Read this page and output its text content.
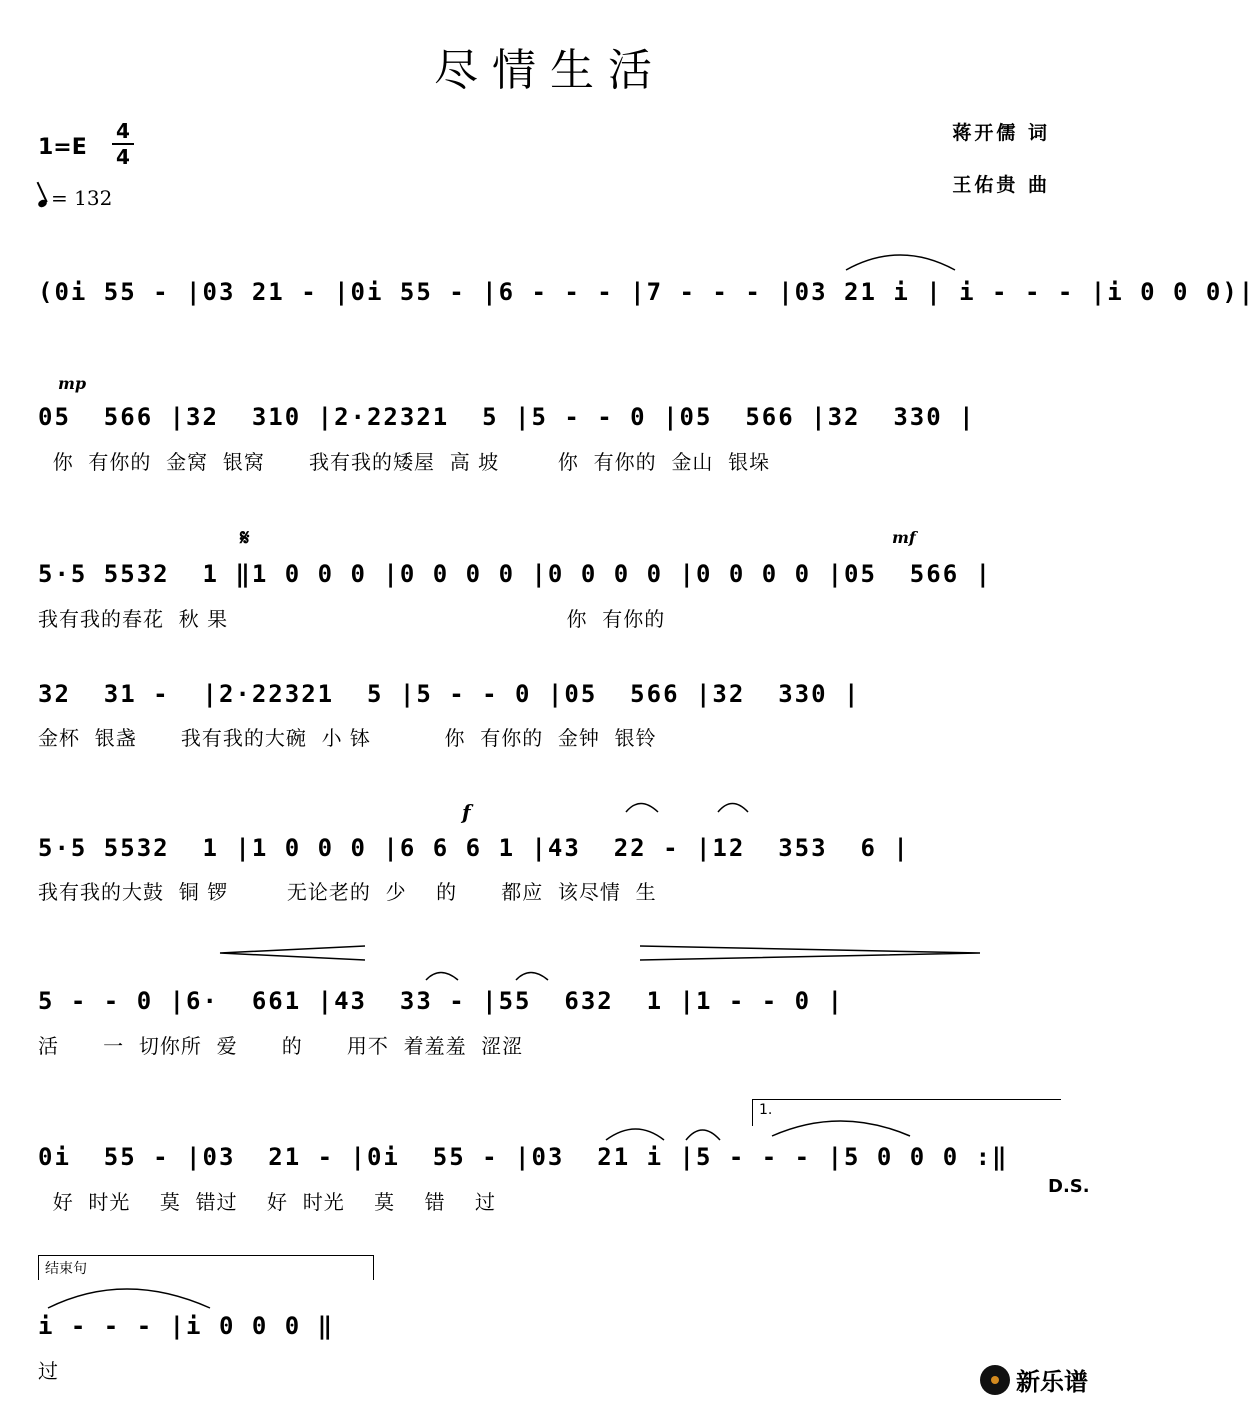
尽情生活
1=E
4
4
= 132
蒋开儒 词
王佑贵 曲
(0i 55 - |03 21 - |0i 55 - |6 - - - |7 - - - |03 21 i | i - - - |i 0 0 0)|
mp
05  566 |32  310 |2·22321  5 |5 - - 0 |05  566 |32  330 |
你  有你的  金窝  银窝      我有我的矮屋  高 坡        你  有你的  金山  银垛
𝄋	mf
5·5 5532  1 ‖1 0 0 0 |0 0 0 0 |0 0 0 0 |0 0 0 0 |05  566 |
我有我的春花  秋 果                                              你  有你的
32  31 -  |2·22321  5 |5 - - 0 |05  566 |32  330 |
金杯  银盏      我有我的大碗  小 钵          你  有你的  金钟  银铃
f
5·5 5532  1 |1 0 0 0 |6 6 6 1 |43  22 - |12  353  6 |
我有我的大鼓  铜 锣        无论老的  少    的      都应  该尽情  生
5 - - 0 |6·  661 |43  33 - |55  632  1 |1 - - 0 |
活      一  切你所  爱      的      用不  着羞羞  涩涩
1.
0i  55 - |03  21 - |0i  55 - |03  21 i |5 - - - |5 0 0 0 :‖
D.S.
好  时光    莫  错过    好  时光    莫    错    过
结束句
i - - - |i 0 0 0 ‖
过	新乐谱
